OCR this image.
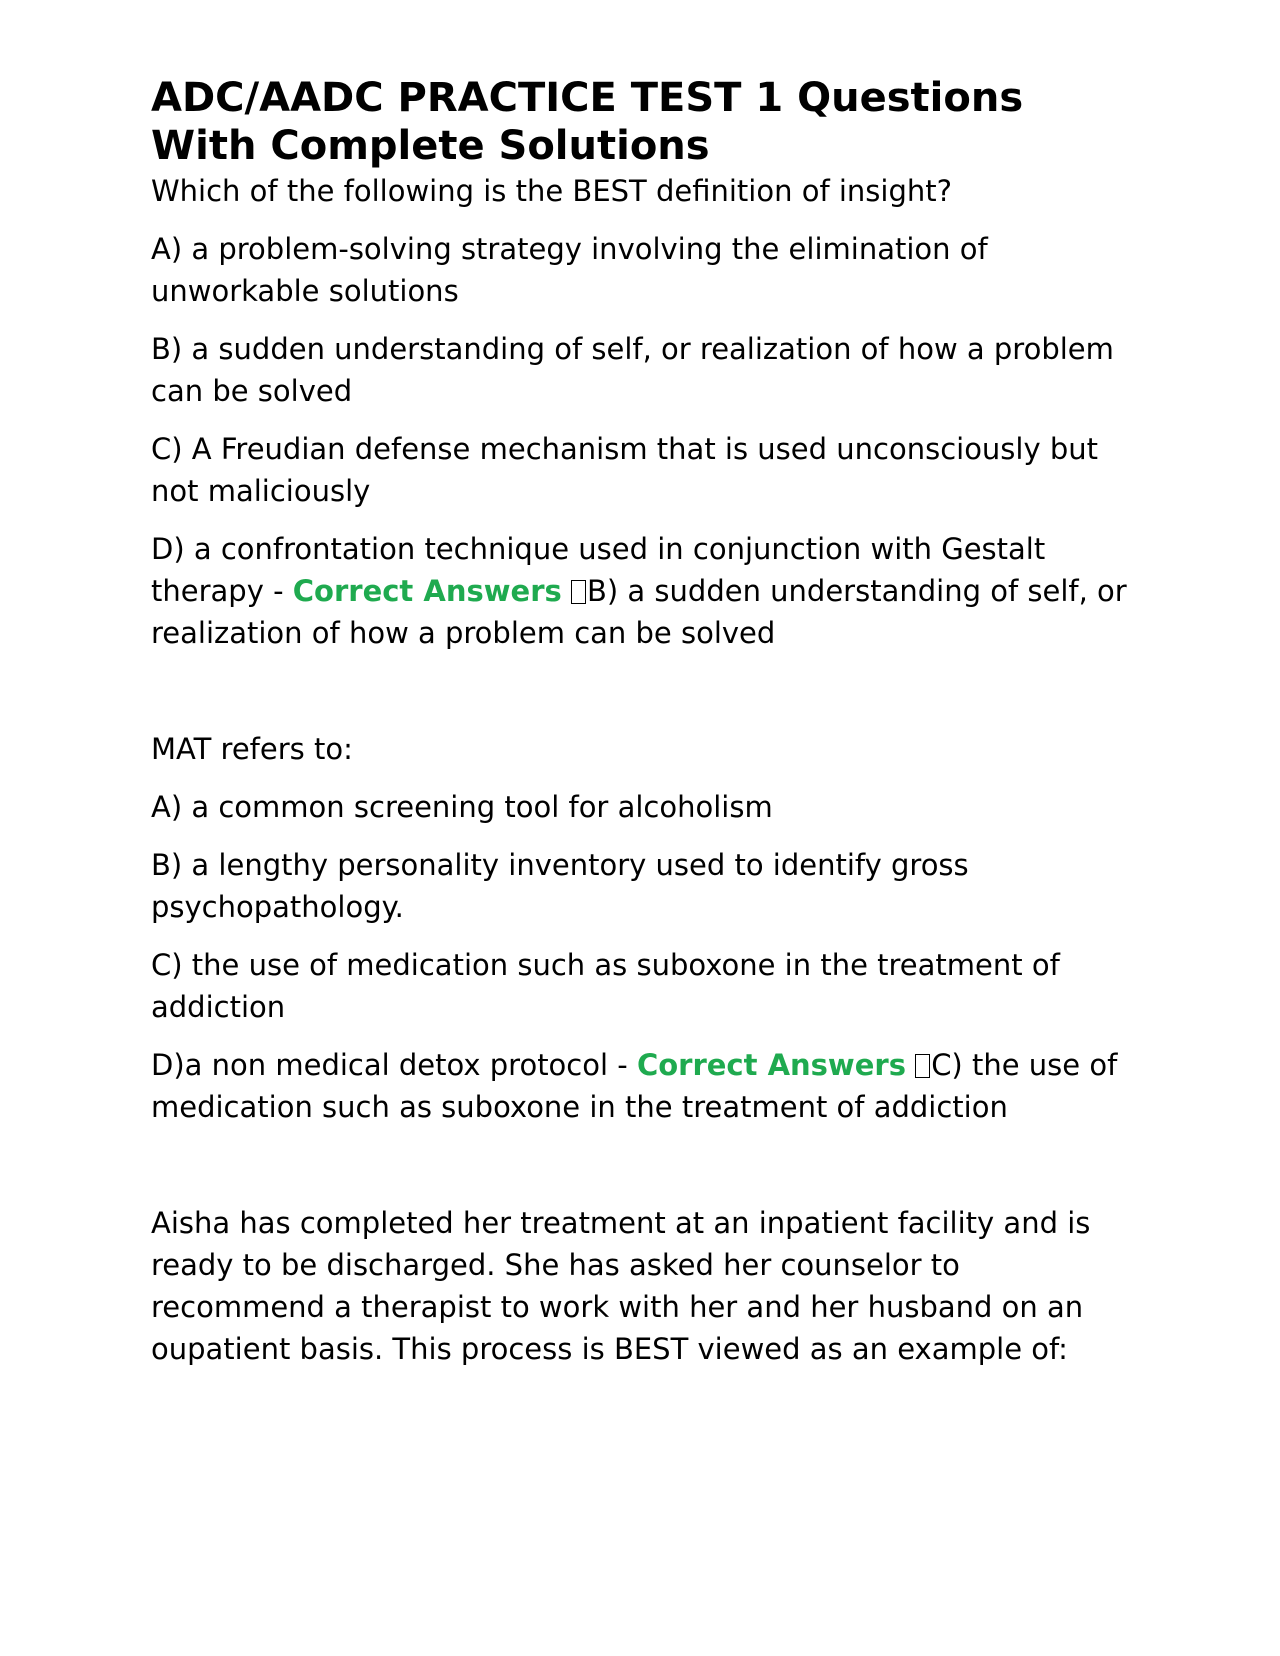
ADC/AADC PRACTICE TEST 1 Questions With Complete Solutions

Which of the following is the BEST definition of insight?

A) a problem-solving strategy involving the elimination of unworkable solutions

B) a sudden understanding of self, or realization of how a problem can be solved

C) A Freudian defense mechanism that is used unconsciously but not maliciously

D) a confrontation technique used in conjunction with Gestalt therapy - Correct Answers B) a sudden understanding of self, or realization of how a problem can be solved

MAT refers to:

A) a common screening tool for alcoholism

B) a lengthy personality inventory used to identify gross psychopathology.

C) the use of medication such as suboxone in the treatment of addiction

D)a non medical detox protocol - Correct Answers C) the use of medication such as suboxone in the treatment of addiction

Aisha has completed her treatment at an inpatient facility and is ready to be discharged. She has asked her counselor to recommend a therapist to work with her and her husband on an oupatient basis. This process is BEST viewed as an example of:
